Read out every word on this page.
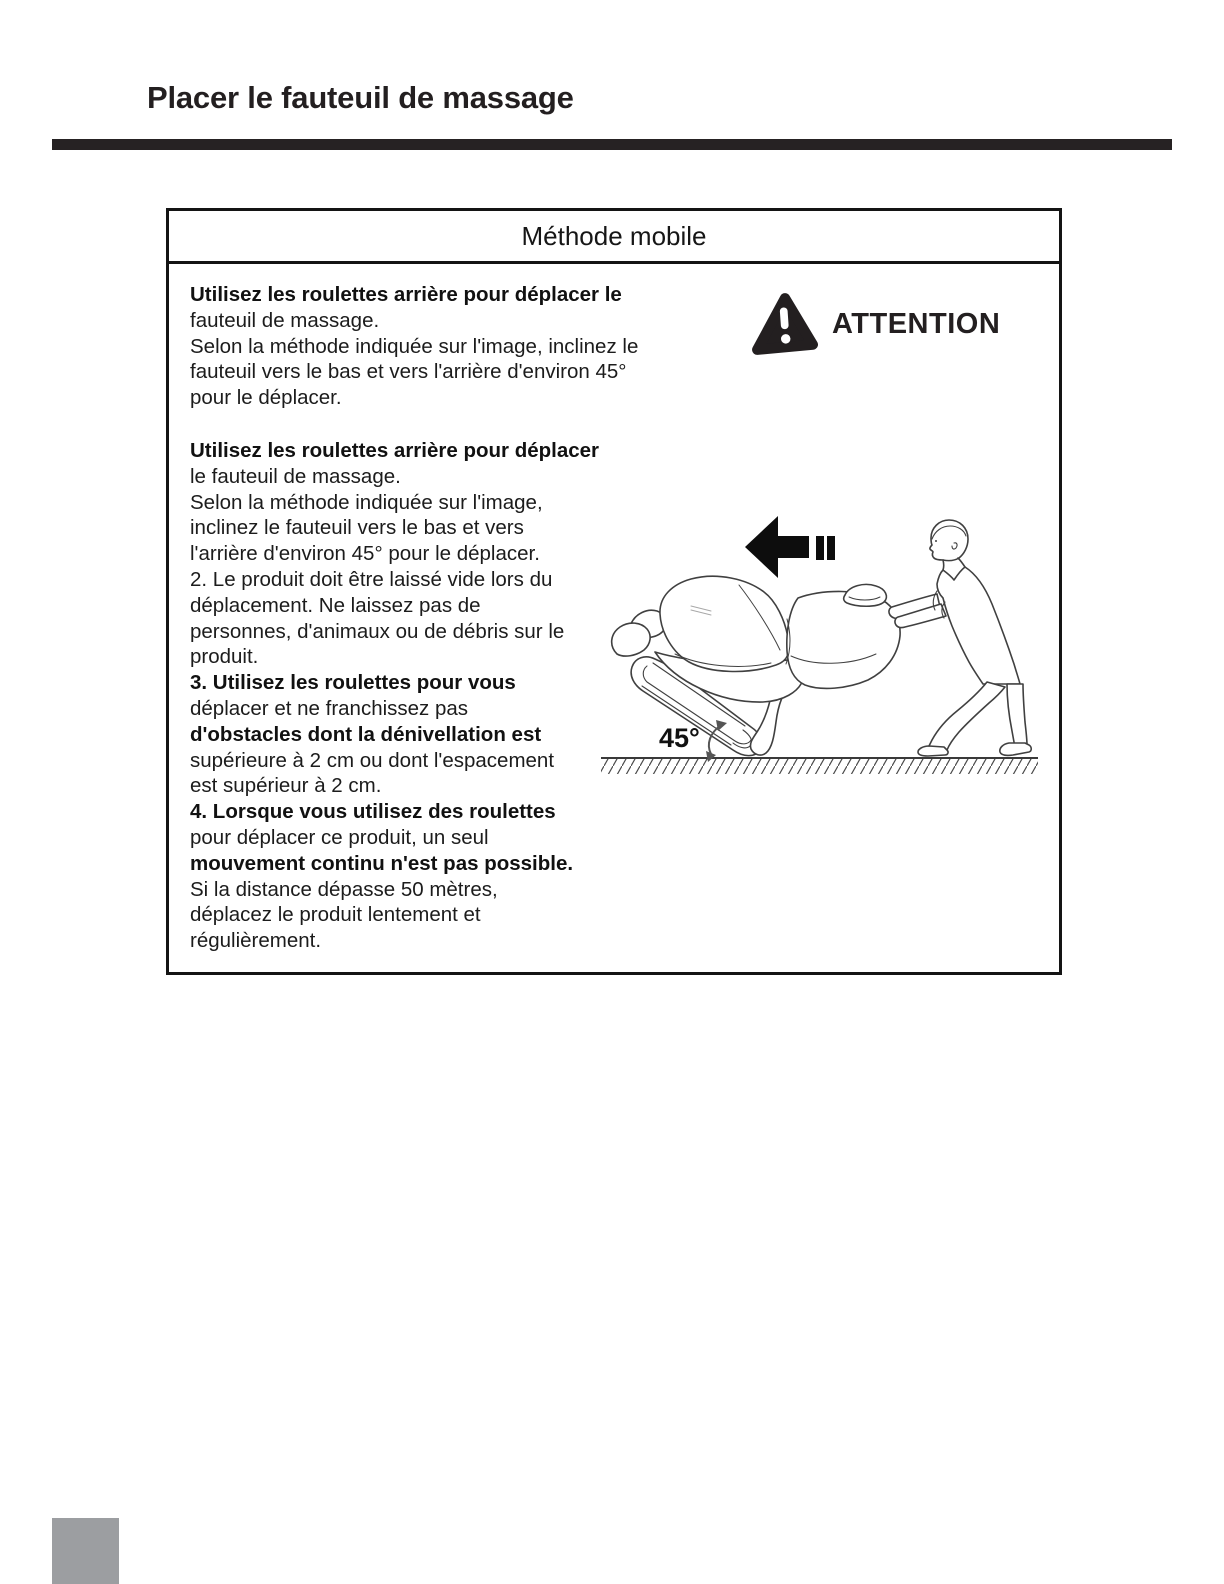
Placer le fauteuil de massage
Méthode mobile
Utilisez les roulettes arrière pour déplacer le
fauteuil de massage.
Selon la méthode indiquée sur l'image, inclinez le
fauteuil vers le bas et vers l'arrière d'environ 45°
pour le déplacer.
Utilisez les roulettes arrière pour déplacer
le fauteuil de massage.
Selon la méthode indiquée sur l'image,
inclinez le fauteuil vers le bas et vers
l'arrière d'environ 45° pour le déplacer.
2. Le produit doit être laissé vide lors du
déplacement. Ne laissez pas de
personnes, d'animaux ou de débris sur le
produit.
3. Utilisez les roulettes pour vous
déplacer et ne franchissez pas
d'obstacles dont la dénivellation est
supérieure à 2 cm ou dont l'espacement
est supérieur à 2 cm.
4. Lorsque vous utilisez des roulettes
pour déplacer ce produit, un seul
mouvement continu n'est pas possible.
Si la distance dépasse 50 mètres,
déplacez le produit lentement et
régulièrement.
ATTENTION
45°
